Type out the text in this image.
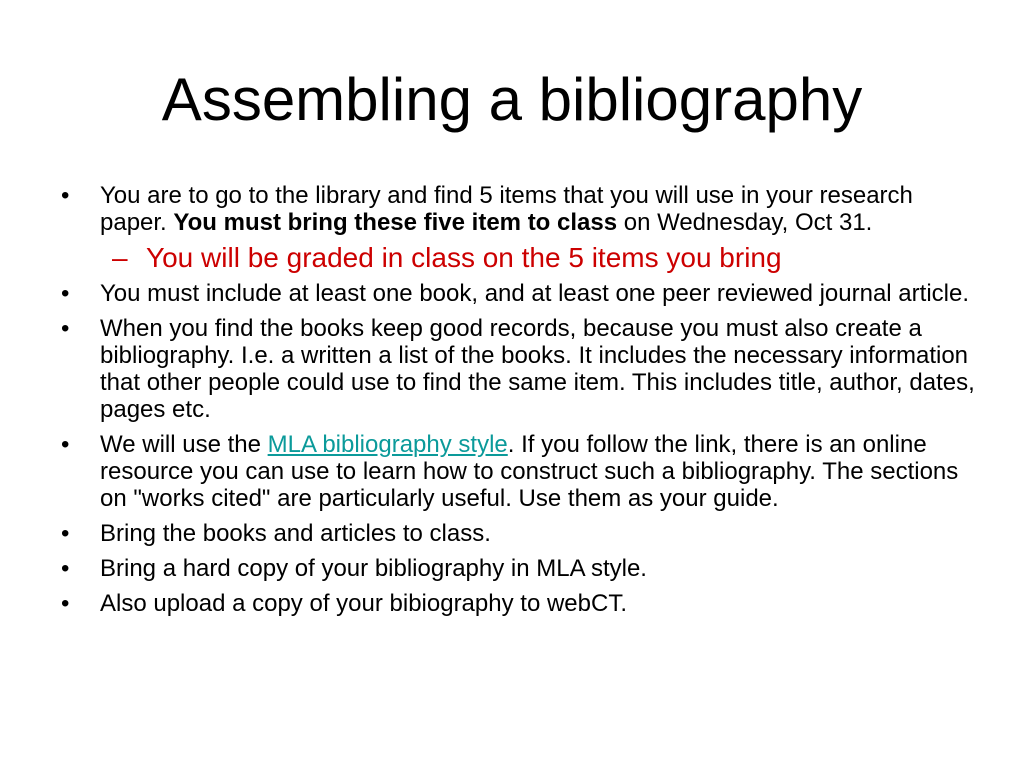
Assembling a bibliography
• You are to go to the library and find 5 items that you will use in your research paper. You must bring these five item to class on Wednesday, Oct 31.
– You will be graded in class on the 5 items you bring
• You must include at least one book, and at least one peer reviewed journal article.
• When you find the books keep good records, because you must also create a bibliography. I.e. a written a list of the books. It includes the necessary information that other people could use to find the same item. This includes title, author, dates, pages etc.
• We will use the MLA bibliography style. If you follow the link, there is an online resource you can use to learn how to construct such a bibliography. The sections on "works cited" are particularly useful. Use them as your guide.
• Bring the books and articles to class.
• Bring a hard copy of your bibliography in MLA style.
• Also upload a copy of your bibiography to webCT.
